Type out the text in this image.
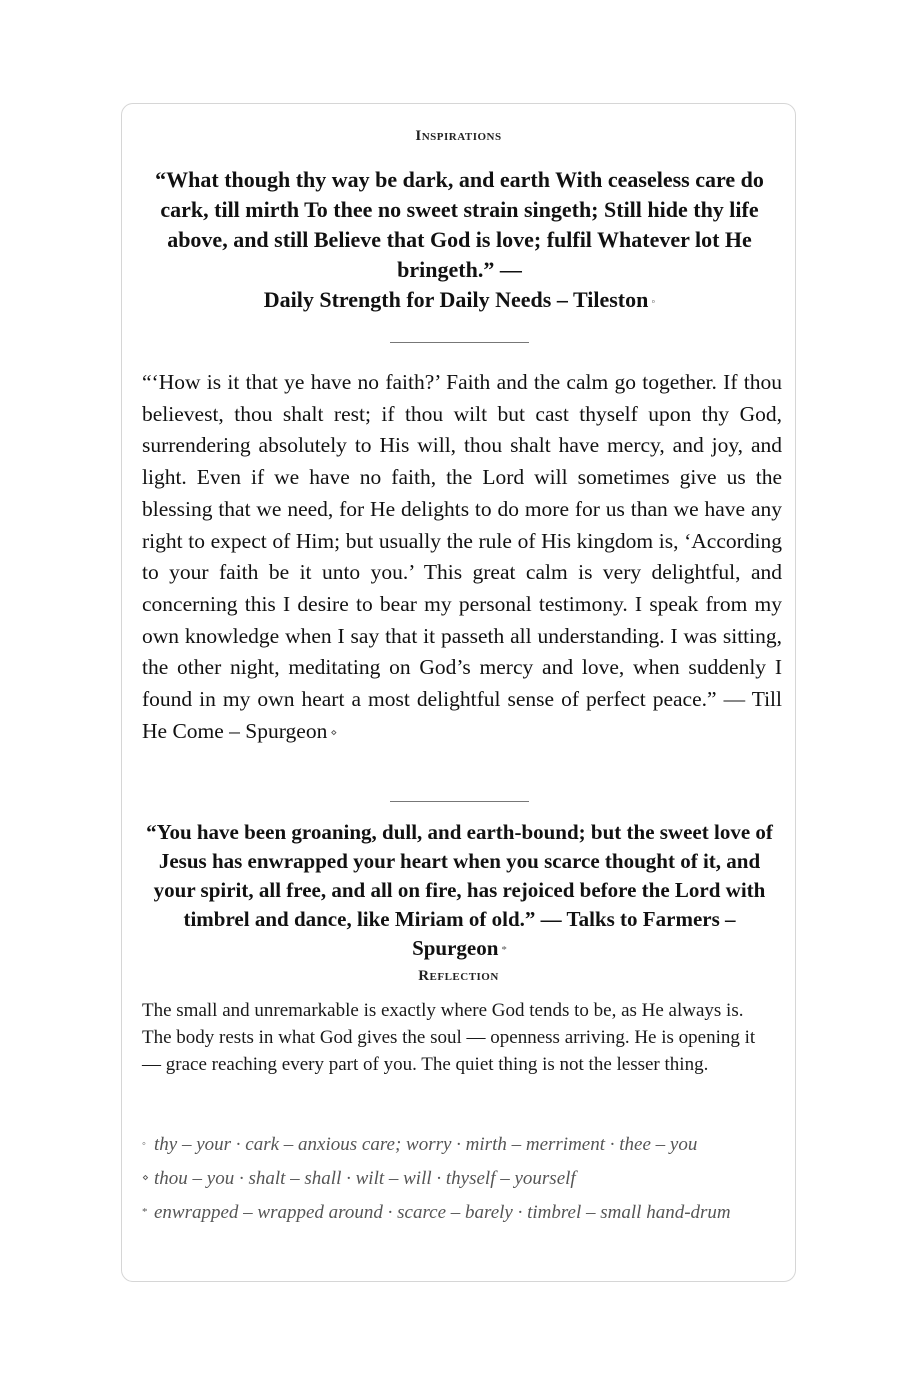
Inspirations

“What though thy way be dark, and earth With ceaseless care do cark, till mirth To thee no sweet strain singeth; Still hide thy life above, and still Believe that God is love; fulfil Whatever lot He bringeth.” —
Daily Strength for Daily Needs – Tileston ◦

“‘How is it that ye have no faith?’ Faith and the calm go together. If thou believest, thou shalt rest; if thou wilt but cast thyself upon thy God, surrendering absolutely to His will, thou shalt have mercy, and joy, and light. Even if we have no faith, the Lord will sometimes give us the blessing that we need, for He delights to do more for us than we have any right to expect of Him; but usually the rule of His kingdom is, ‘According to your faith be it unto you.’ This great calm is very delightful, and concerning this I desire to bear my personal testimony. I speak from my own knowledge when I say that it passeth all understanding. I was sitting, the other night, meditating on God’s mercy and love, when suddenly I found in my own heart a most delightful sense of perfect peace.” — Till He Come – Spurgeon ⋄

“You have been groaning, dull, and earth-bound; but the sweet love of Jesus has enwrapped your heart when you scarce thought of it, and your spirit, all free, and all on fire, has rejoiced before the Lord with timbrel and dance, like Miriam of old.” — Talks to Farmers – Spurgeon *

Reflection

The small and unremarkable is exactly where God tends to be, as He always is. The body rests in what God gives the soul — openness arriving. He is opening it — grace reaching every part of you. The quiet thing is not the lesser thing.

◦ thy – your · cark – anxious care; worry · mirth – merriment · thee – you
⋄ thou – you · shalt – shall · wilt – will · thyself – yourself
* enwrapped – wrapped around · scarce – barely · timbrel – small hand-drum
